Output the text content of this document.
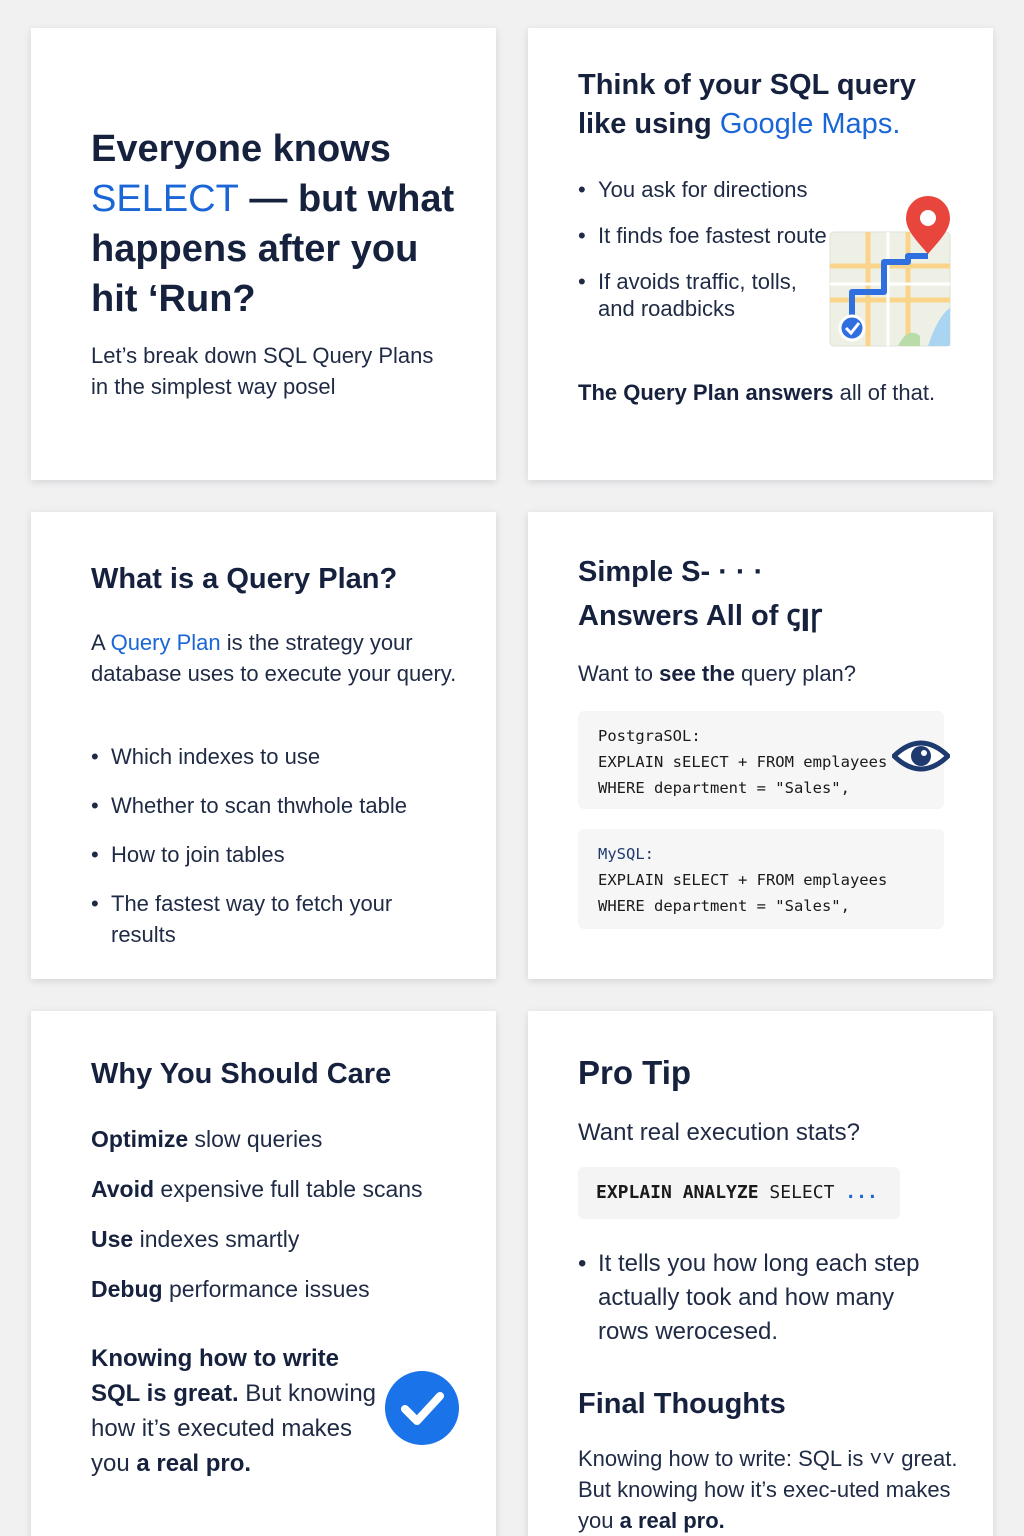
Everyone knows
SELECT — but what happens after you hit ‘Run?
Let’s break down SQL Query Plans in the simplest way posel
Think of your SQL query like using Google Maps.
• You ask for directions
• It finds foe fastest route
• If avoids traffic, tolls, and roadbicks
The Query Plan answers all of that.
What is a Query Plan?
A Query Plan is the strategy your database uses to execute your query.
• Which indexes to use
• Whether to scan thwhole table
• How to join tables
• The fastest way to fetch your results
Simple S‑ · · ·
Answers All of ꞔꞁꞅ
Want to see the query plan?
PostgraSOL:
EXPLAIN sELECT + FROM emplayees
WHERE department = "Sales",
MySQL:
EXPLAIN sELECT + FROM emplayees
WHERE department = "Sales",
Why You Should Care
Optimize slow queries
Avoid expensive full table scans
Use indexes smartly
Debug performance issues
Knowing how to write SQL is great. But knowing how it’s executed makes you a real pro.
Pro Tip
Want real execution stats?
EXPLAIN ANALYZE SELECT ...
• It tells you how long each step actually took and how many rows werocesed.
Final Thoughts
Knowing how to write: SQL is ˅˅ great. But knowing how it’s exec‑uted makes you a real pro.
